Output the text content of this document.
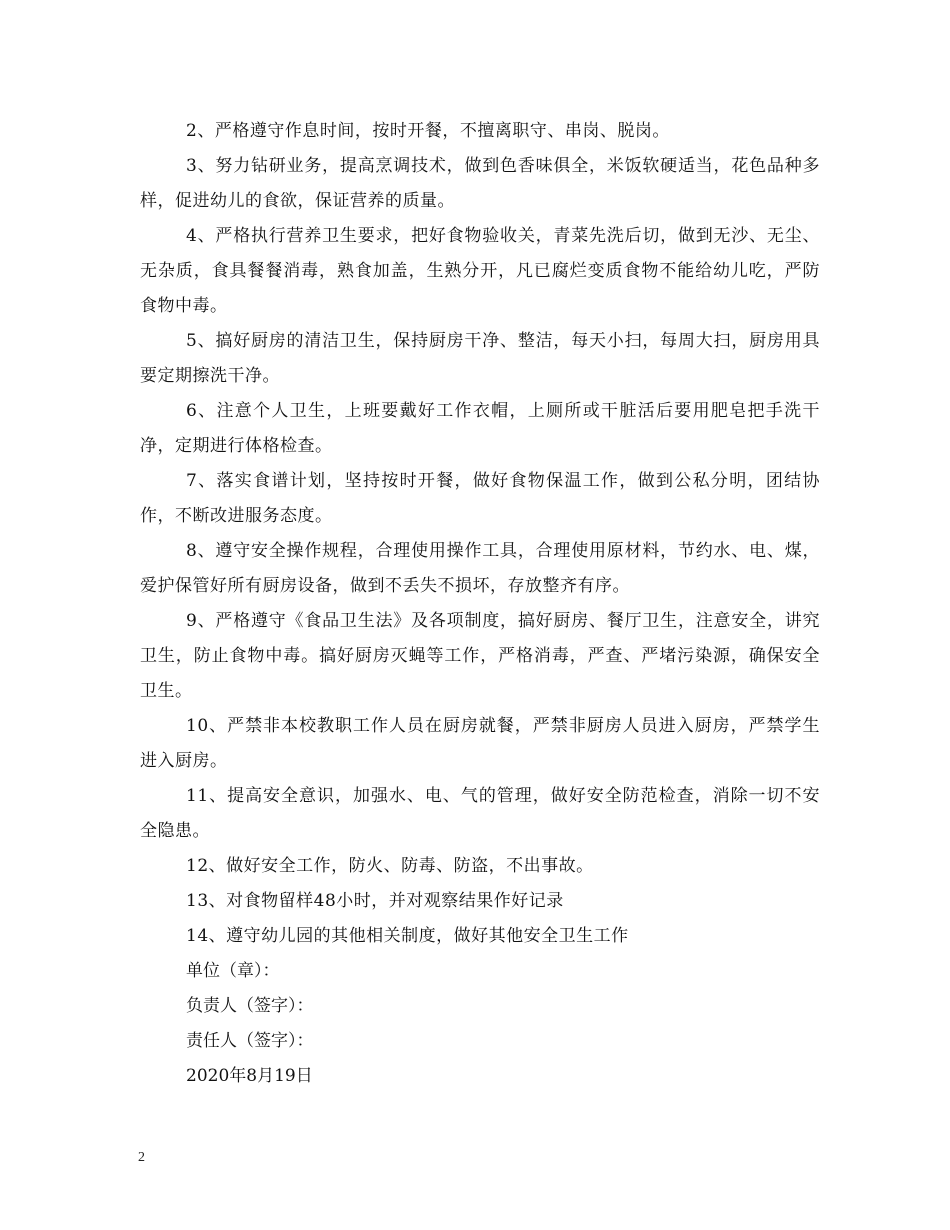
2、严格遵守作息时间，按时开餐，不擅离职守、串岗、脱岗。

3、努力钻研业务，提高烹调技术，做到色香味俱全，米饭软硬适当，花色品种多样，促进幼儿的食欲，保证营养的质量。

4、严格执行营养卫生要求，把好食物验收关，青菜先洗后切，做到无沙、无尘、无杂质，食具餐餐消毒，熟食加盖，生熟分开，凡已腐烂变质食物不能给幼儿吃，严防食物中毒。

5、搞好厨房的清洁卫生，保持厨房干净、整洁，每天小扫，每周大扫，厨房用具要定期擦洗干净。

6、注意个人卫生，上班要戴好工作衣帽，上厕所或干脏活后要用肥皂把手洗干净，定期进行体格检查。

7、落实食谱计划，坚持按时开餐，做好食物保温工作，做到公私分明，团结协作，不断改进服务态度。

8、遵守安全操作规程，合理使用操作工具，合理使用原材料，节约水、电、煤，爱护保管好所有厨房设备，做到不丢失不损坏，存放整齐有序。

9、严格遵守《食品卫生法》及各项制度，搞好厨房、餐厅卫生，注意安全，讲究卫生，防止食物中毒。搞好厨房灭蝇等工作，严格消毒，严查、严堵污染源，确保安全卫生。

10、严禁非本校教职工作人员在厨房就餐，严禁非厨房人员进入厨房，严禁学生进入厨房。

11、提高安全意识，加强水、电、气的管理，做好安全防范检查，消除一切不安全隐患。

12、做好安全工作，防火、防毒、防盗，不出事故。

13、对食物留样48小时，并对观察结果作好记录

14、遵守幼儿园的其他相关制度，做好其他安全卫生工作

单位（章）：

负责人（签字）：

责任人（签字）：

2020年8月19日

2
